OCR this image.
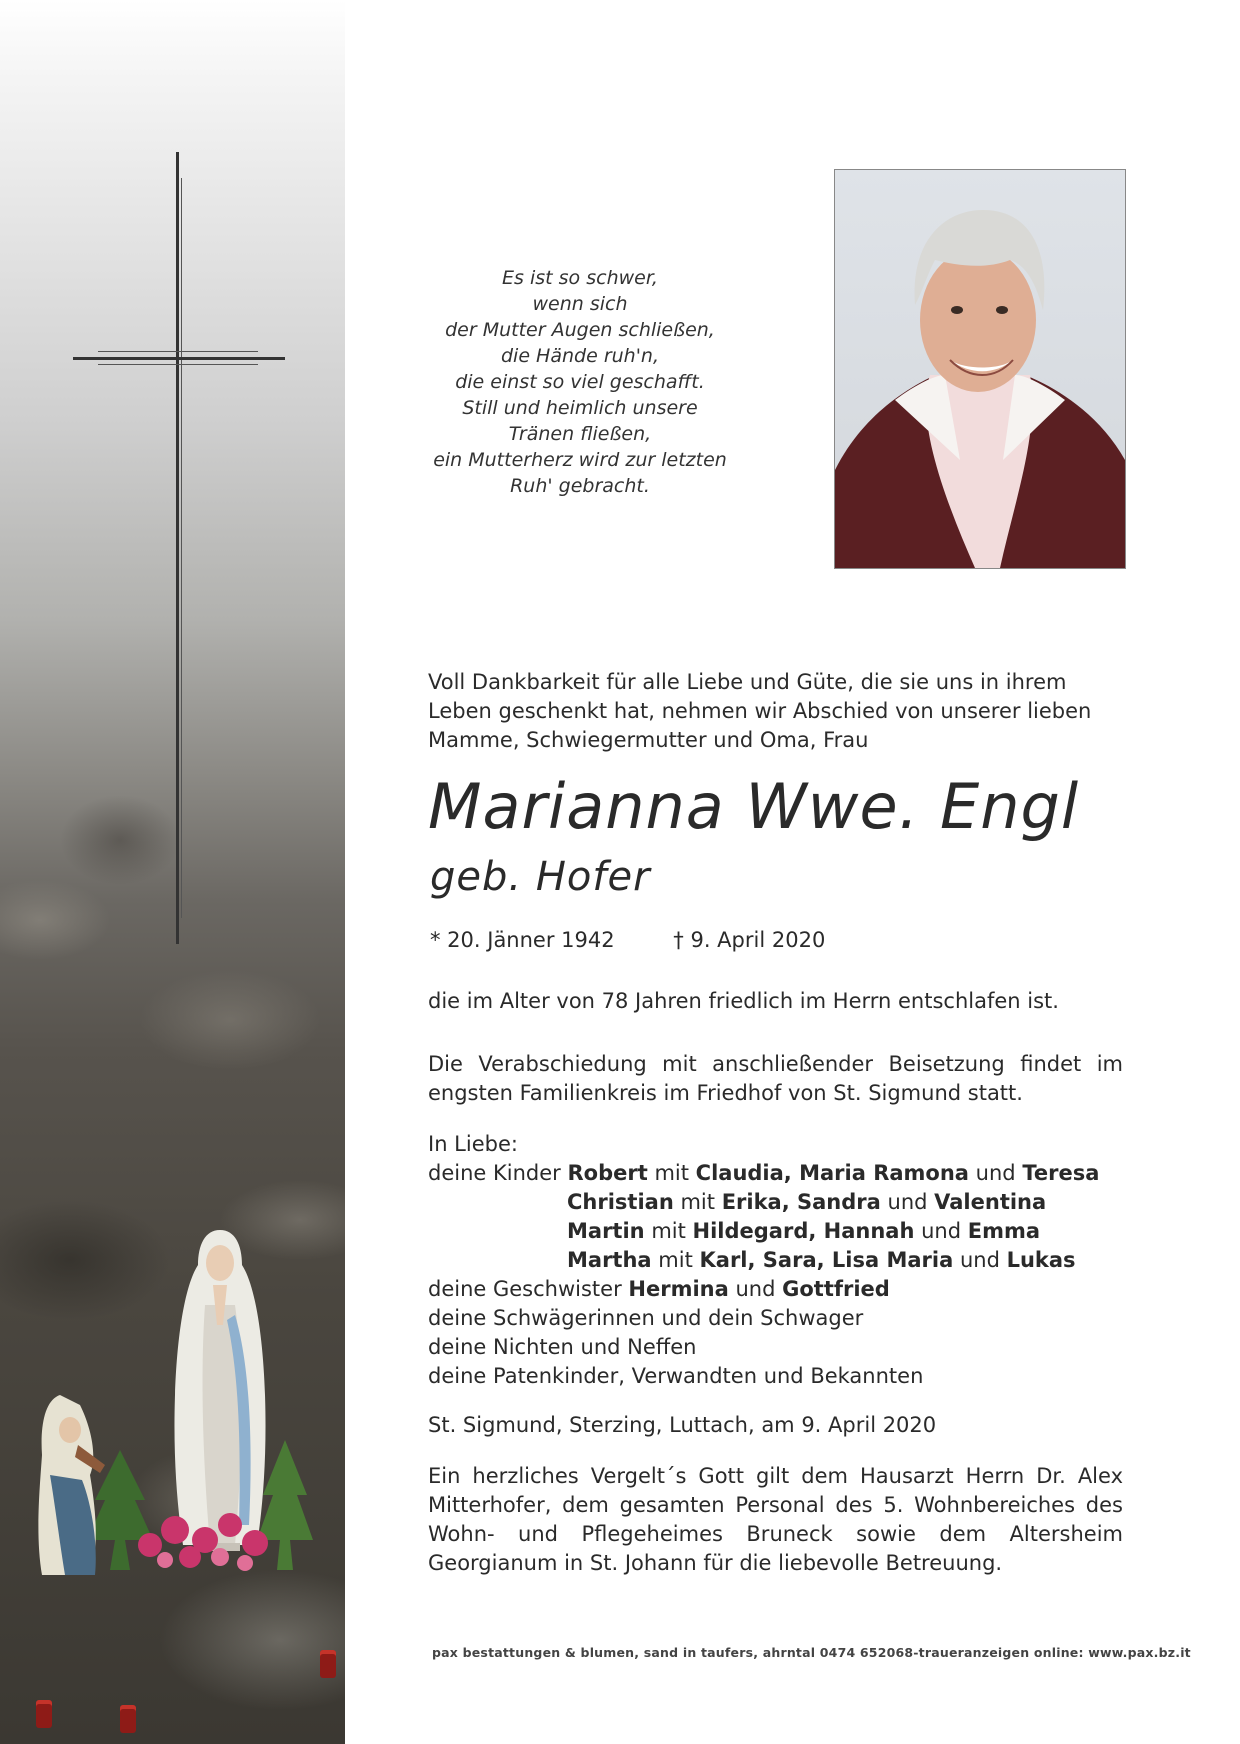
Es ist so schwer,
wenn sich
der Mutter Augen schließen,
die Hände ruh'n,
die einst so viel geschafft.
Still und heimlich unsere
Tränen fließen,
ein Mutterherz wird zur letzten
Ruh' gebracht.
Voll Dankbarkeit für alle Liebe und Güte, die sie uns in ihrem Leben geschenkt hat, nehmen wir Abschied von unserer lieben Mamme, Schwiegermutter und Oma, Frau
Marianna Wwe. Engl
geb. Hofer
* 20. Jänner 1942	† 9. April 2020
die im Alter von 78 Jahren friedlich im Herrn entschlafen ist.
Die Verabschiedung mit anschließender Beisetzung findet im engsten Familienkreis im Friedhof von St. Sigmund statt.
In Liebe:
deine Kinder Robert mit Claudia, Maria Ramona und Teresa
Christian mit Erika, Sandra und Valentina
Martin mit Hildegard, Hannah und Emma
Martha mit Karl, Sara, Lisa Maria und Lukas
deine Geschwister Hermina und Gottfried
deine Schwägerinnen und dein Schwager
deine Nichten und Neffen
deine Patenkinder, Verwandten und Bekannten
St. Sigmund, Sterzing, Luttach, am 9. April 2020
Ein herzliches Vergelt´s Gott gilt dem Hausarzt Herrn Dr. Alex Mitterhofer, dem gesamten Personal des 5. Wohnbereiches des Wohn- und Pflegeheimes Bruneck sowie dem Altersheim Georgianum in St. Johann für die liebevolle Betreuung.
pax bestattungen & blumen, sand in taufers, ahrntal 0474 652068-traueranzeigen online: www.pax.bz.it
